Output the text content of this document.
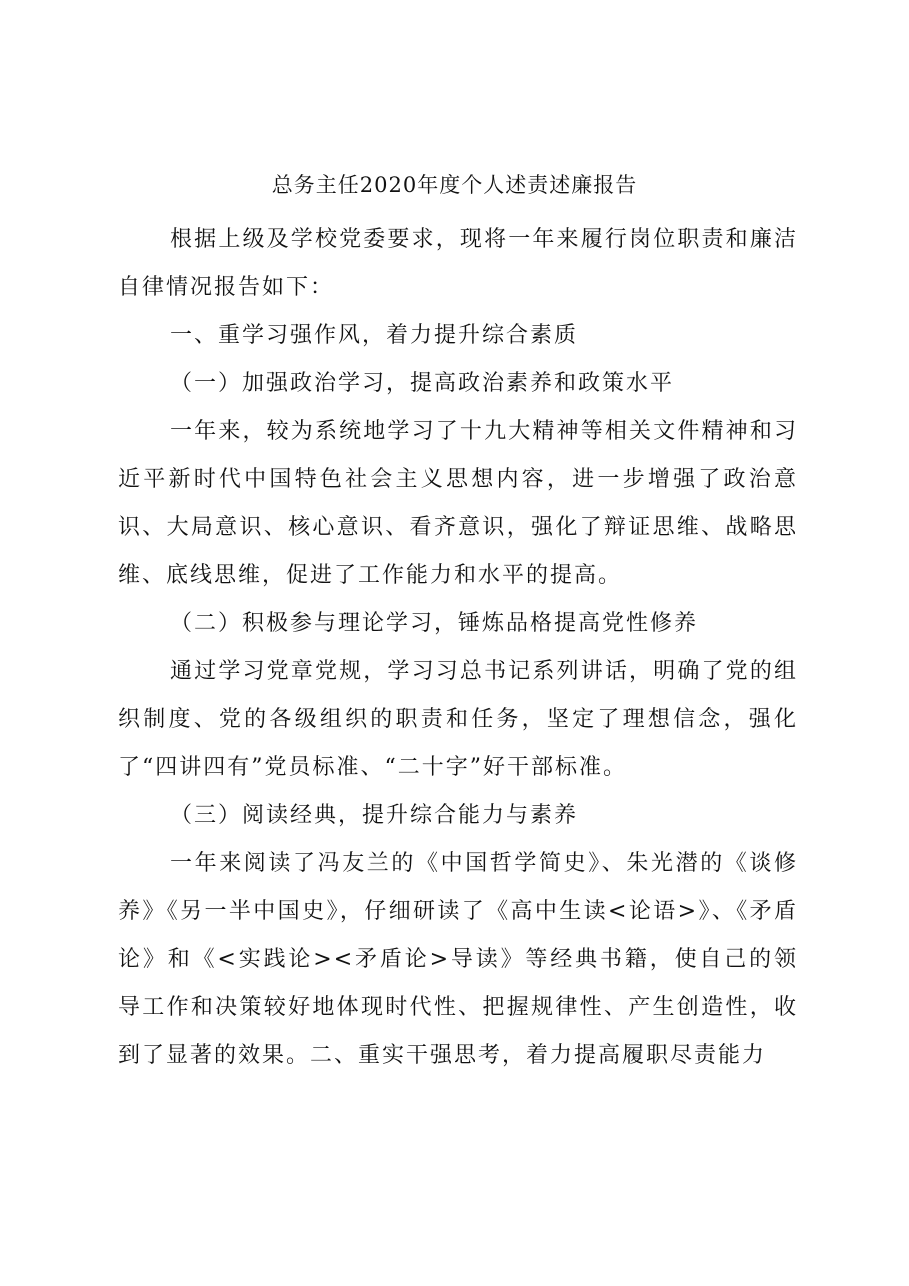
总务主任2020年度个人述责述廉报告

根据上级及学校党委要求，现将一年来履行岗位职责和廉洁自律情况报告如下：

一、重学习强作风，着力提升综合素质

（一）加强政治学习，提高政治素养和政策水平

一年来，较为系统地学习了十九大精神等相关文件精神和习近平新时代中国特色社会主义思想内容，进一步增强了政治意识、大局意识、核心意识、看齐意识，强化了辩证思维、战略思维、底线思维，促进了工作能力和水平的提高。

（二）积极参与理论学习，锤炼品格提高党性修养

通过学习党章党规，学习习总书记系列讲话，明确了党的组织制度、党的各级组织的职责和任务，坚定了理想信念，强化了“四讲四有”党员标准、“二十字”好干部标准。

（三）阅读经典，提升综合能力与素养

一年来阅读了冯友兰的《中国哲学简史》、朱光潜的《谈修养》《另一半中国史》，仔细研读了《高中生读<论语>》、《矛盾论》和《<实践论><矛盾论>导读》等经典书籍，使自己的领导工作和决策较好地体现时代性、把握规律性、产生创造性，收到了显著的效果。二、重实干强思考，着力提高履职尽责能力
